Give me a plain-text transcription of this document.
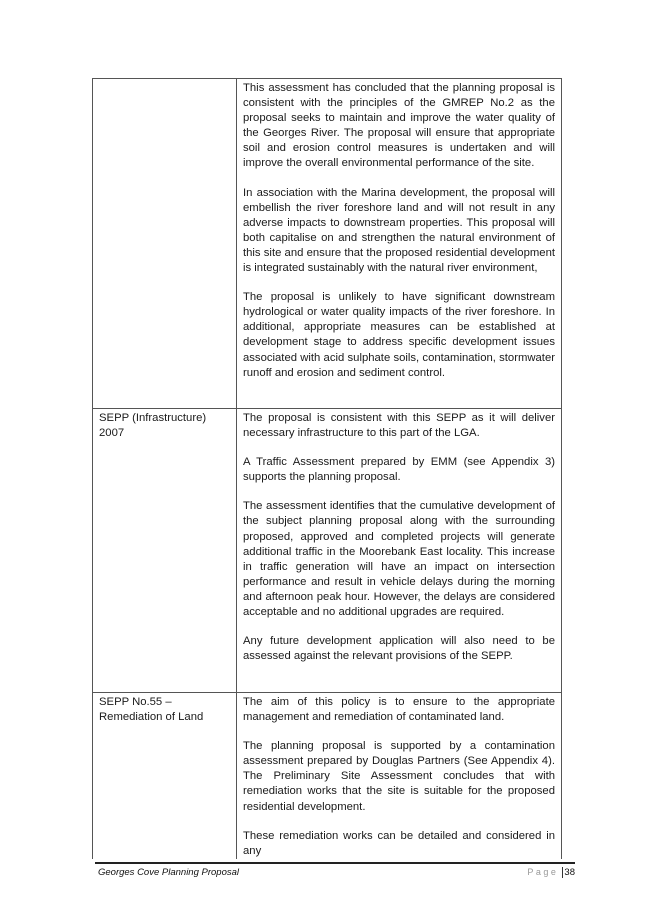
	This assessment has concluded that the planning proposal is consistent with the principles of the GMREP No.2 as the proposal seeks to maintain and improve the water quality of the Georges River. The proposal will ensure that appropriate soil and erosion control measures is undertaken and will improve the overall environmental performance of the site.

In association with the Marina development, the proposal will embellish the river foreshore land and will not result in any adverse impacts to downstream properties. This proposal will both capitalise on and strengthen the natural environment of this site and ensure that the proposed residential development is integrated sustainably with the natural river environment,

The proposal is unlikely to have significant downstream hydrological or water quality impacts of the river foreshore. In additional, appropriate measures can be established at development stage to address specific development issues associated with acid sulphate soils, contamination, stormwater runoff and erosion and sediment control.

SEPP (Infrastructure) 2007	The proposal is consistent with this SEPP as it will deliver necessary infrastructure to this part of the LGA.

A Traffic Assessment prepared by EMM (see Appendix 3) supports the planning proposal.

The assessment identifies that the cumulative development of the subject planning proposal along with the surrounding proposed, approved and completed projects will generate additional traffic in the Moorebank East locality. This increase in traffic generation will have an impact on intersection performance and result in vehicle delays during the morning and afternoon peak hour. However, the delays are considered acceptable and no additional upgrades are required.

Any future development application will also need to be assessed against the relevant provisions of the SEPP.

SEPP No.55 –Remediation of Land	The aim of this policy is to ensure to the appropriate management and remediation of contaminated land.

The planning proposal is supported by a contamination assessment prepared by Douglas Partners (See Appendix 4). The Preliminary Site Assessment concludes that with remediation works that the site is suitable for the proposed residential development.

These remediation works can be detailed and considered in any

Georges Cove Planning Proposal	Page 38
